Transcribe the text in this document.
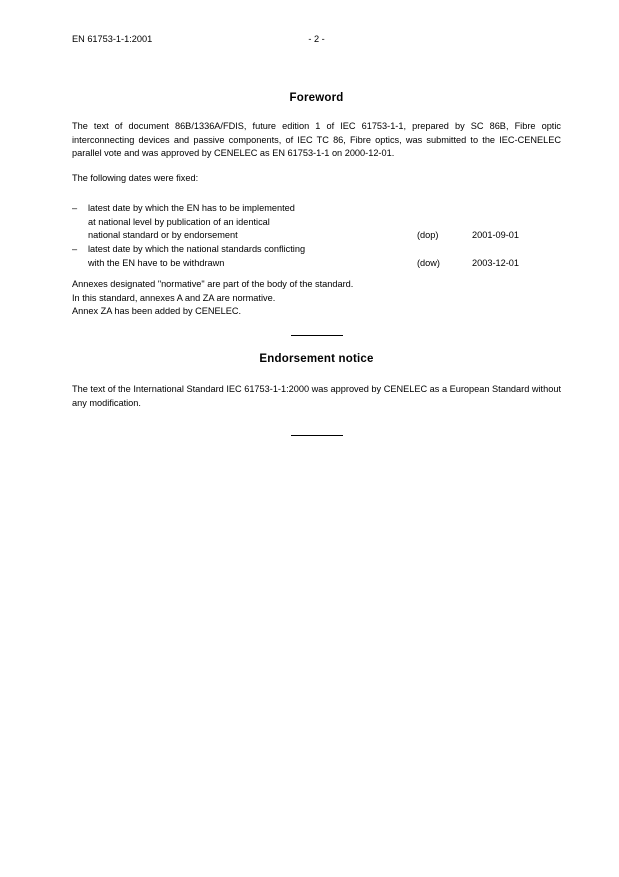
EN 61753-1-1:2001	- 2 -
Foreword
The text of document 86B/1336A/FDIS, future edition 1 of IEC 61753-1-1, prepared by SC 86B, Fibre optic interconnecting devices and passive components, of IEC TC 86, Fibre optics, was submitted to the IEC-CENELEC parallel vote and was approved by CENELEC as EN 61753-1-1 on 2000-12-01.
The following dates were fixed:
–	latest date by which the EN has to be implemented
at national level by publication of an identical
national standard or by endorsement	(dop)	2001-09-01
–	latest date by which the national standards conflicting
with the EN have to be withdrawn	(dow)	2003-12-01
Annexes designated "normative" are part of the body of the standard.
In this standard, annexes A and ZA are normative.
Annex ZA has been added by CENELEC.
Endorsement notice
The text of the International Standard IEC 61753-1-1:2000 was approved by CENELEC as a European Standard without any modification.
